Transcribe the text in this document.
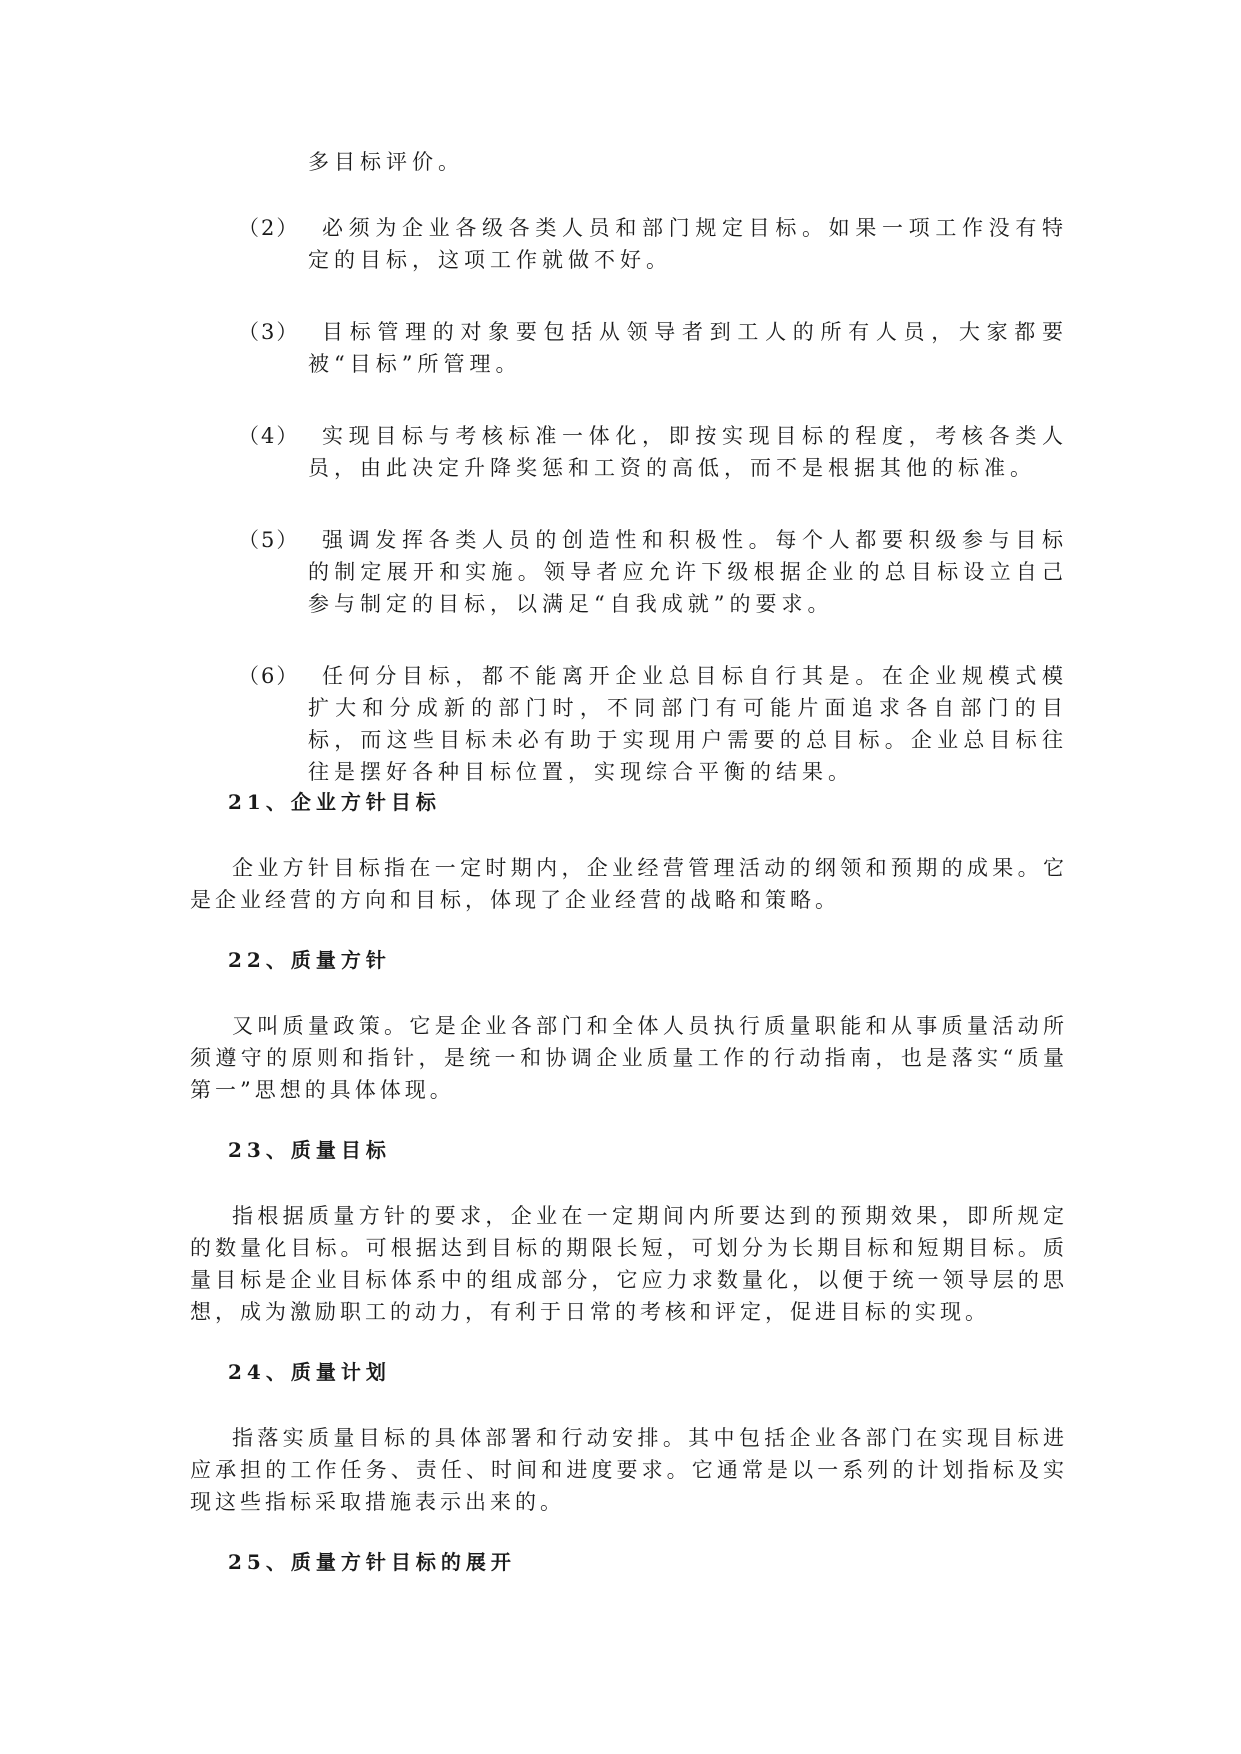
多目标评价。

（2）	必须为企业各级各类人员和部门规定目标。如果一项工作没有特定的目标，这项工作就做不好。

（3）	目标管理的对象要包括从领导者到工人的所有人员，大家都要被“目标”所管理。

（4）	实现目标与考核标准一体化，即按实现目标的程度，考核各类人员，由此决定升降奖惩和工资的高低，而不是根据其他的标准。

（5）	强调发挥各类人员的创造性和积极性。每个人都要积级参与目标的制定展开和实施。领导者应允许下级根据企业的总目标设立自己参与制定的目标，以满足“自我成就”的要求。

（6）	任何分目标，都不能离开企业总目标自行其是。在企业规模式模扩大和分成新的部门时，不同部门有可能片面追求各自部门的目标，而这些目标未必有助于实现用户需要的总目标。企业总目标往往是摆好各种目标位置，实现综合平衡的结果。

21、企业方针目标

企业方针目标指在一定时期内，企业经营管理活动的纲领和预期的成果。它是企业经营的方向和目标，体现了企业经营的战略和策略。

22、质量方针

又叫质量政策。它是企业各部门和全体人员执行质量职能和从事质量活动所须遵守的原则和指针，是统一和协调企业质量工作的行动指南，也是落实“质量第一”思想的具体体现。

23、质量目标

指根据质量方针的要求，企业在一定期间内所要达到的预期效果，即所规定的数量化目标。可根据达到目标的期限长短，可划分为长期目标和短期目标。质量目标是企业目标体系中的组成部分，它应力求数量化，以便于统一领导层的思想，成为激励职工的动力，有利于日常的考核和评定，促进目标的实现。

24、质量计划

指落实质量目标的具体部署和行动安排。其中包括企业各部门在实现目标进应承担的工作任务、责任、时间和进度要求。它通常是以一系列的计划指标及实现这些指标采取措施表示出来的。

25、质量方针目标的展开
